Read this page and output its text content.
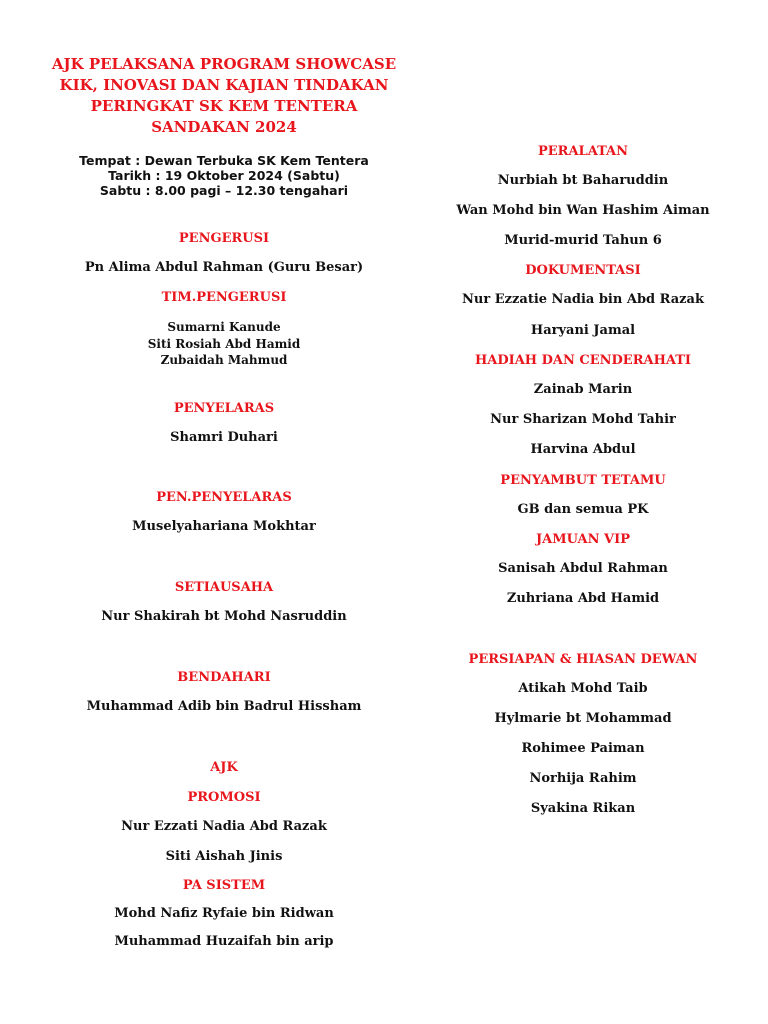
AJK PELAKSANA PROGRAM SHOWCASE
KIK, INOVASI DAN KAJIAN TINDAKAN
PERINGKAT SK KEM TENTERA
SANDAKAN 2024
Tempat : Dewan Terbuka SK Kem Tentera
Tarikh : 19 Oktober 2024 (Sabtu)
Sabtu : 8.00 pagi – 12.30 tengahari
PENGERUSI
Pn Alima Abdul Rahman (Guru Besar)
TIM.PENGERUSI
Sumarni Kanude
Siti Rosiah Abd Hamid
Zubaidah Mahmud
PENYELARAS
Shamri Duhari
PEN.PENYELARAS
Muselyahariana Mokhtar
SETIAUSAHA
Nur Shakirah bt Mohd Nasruddin
BENDAHARI
Muhammad Adib bin Badrul Hissham
AJK
PROMOSI
Nur Ezzati Nadia Abd Razak
Siti Aishah Jinis
PA SISTEM
Mohd Nafiz Ryfaie bin Ridwan
Muhammad Huzaifah bin arip
PERALATAN
Nurbiah bt Baharuddin
Wan Mohd bin Wan Hashim Aiman
Murid-murid Tahun 6
DOKUMENTASI
Nur Ezzatie Nadia bin Abd Razak
Haryani Jamal
HADIAH DAN CENDERAHATI
Zainab Marin
Nur Sharizan Mohd Tahir
Harvina Abdul
PENYAMBUT TETAMU
GB dan semua PK
JAMUAN VIP
Sanisah Abdul Rahman
Zuhriana Abd Hamid
PERSIAPAN & HIASAN DEWAN
Atikah Mohd Taib
Hylmarie bt Mohammad
Rohimee Paiman
Norhija Rahim
Syakina Rikan
